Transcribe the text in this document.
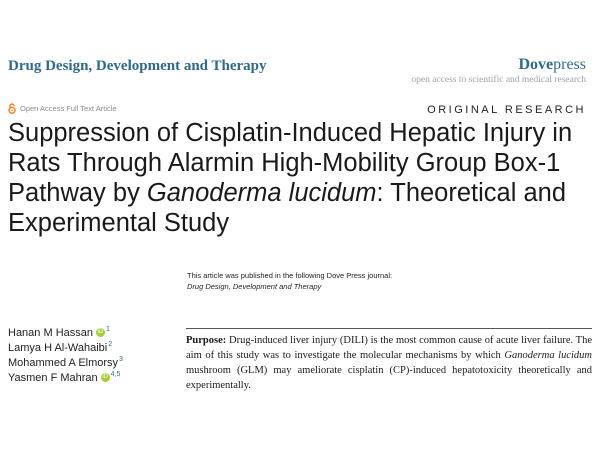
Drug Design, Development and Therapy	Dovepress
open access to scientific and medical research
Open Access Full Text Article	ORIGINAL RESEARCH
Suppression of Cisplatin-Induced Hepatic Injury in Rats Through Alarmin High-Mobility Group Box-1 Pathway by Ganoderma lucidum: Theoretical and Experimental Study
This article was published in the following Dove Press journal:
Drug Design, Development and Therapy
Hanan M Hassan iD 1
Lamya H Al-Wahaibi 2
Mohammed A Elmorsy 3
Yasmen F Mahran iD 4,5
Purpose: Drug-induced liver injury (DILI) is the most common cause of acute liver failure. The aim of this study was to investigate the molecular mechanisms by which Ganoderma lucidum mushroom (GLM) may ameliorate cisplatin (CP)-induced hepatotoxicity theoretically and experimentally.
